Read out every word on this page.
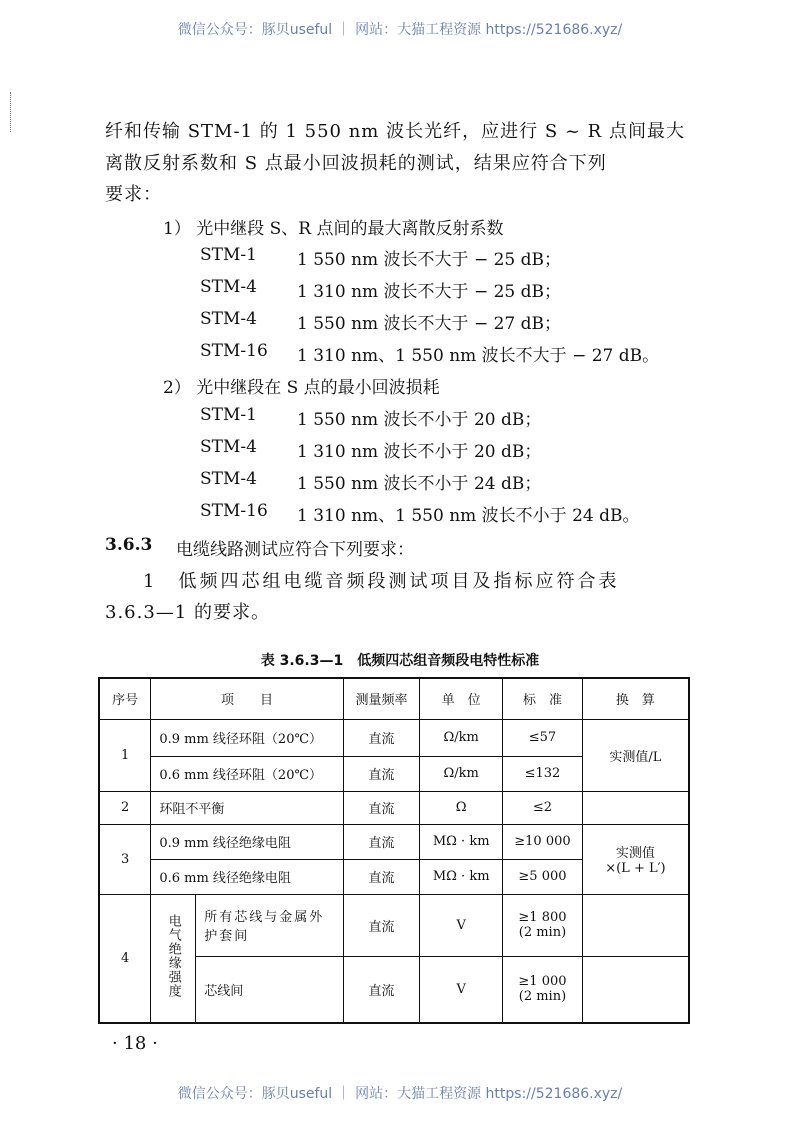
微信公众号：豚贝useful ｜ 网站：大猫工程资源 https://521686.xyz/
纤和传输 STM-1 的 1 550 nm 波长光纤，应进行 S ~ R 点间最大
离散反射系数和 S 点最小回波损耗的测试，结果应符合下列
要求：
1） 光中继段 S、R 点间的最大离散反射系数
STM-1 1 550 nm 波长不大于 − 25 dB；
STM-4 1 310 nm 波长不大于 − 25 dB；
STM-4 1 550 nm 波长不大于 − 27 dB；
STM-16 1 310 nm、1 550 nm 波长不大于 − 27 dB。
2） 光中继段在 S 点的最小回波损耗
STM-1 1 550 nm 波长不小于 20 dB；
STM-4 1 310 nm 波长不小于 20 dB；
STM-4 1 550 nm 波长不小于 24 dB；
STM-16 1 310 nm、1 550 nm 波长不小于 24 dB。
3.6.3 电缆线路测试应符合下列要求：
1　低频四芯组电缆音频段测试项目及指标应符合表
3.6.3—1 的要求。
表 3.6.3—1　低频四芯组音频段电特性标准
序号	项　　目		测量频率	单　位	标　准	换　算
1	0.9 mm 线径环阻（20℃）		直流	Ω/km	≤57	实测值/L
	0.6 mm 线径环阻（20℃）		直流	Ω/km	≤132	
2	环阻不平衡		直流	Ω	≤2	
3	0.9 mm 线径绝缘电阻		直流	MΩ · km	≥10 000	实测值
×(L + L′)

	0.6 mm 线径绝缘电阻		直流	MΩ · km	≥5 000	
4	电气绝缘强度	所有芯线与金属外护套间	直流	V	≥1 800
(2 min)	

		芯线间	直流	V	≥1 000
(2 min)	

· 18 ·
微信公众号：豚贝useful ｜ 网站：大猫工程资源 https://521686.xyz/
